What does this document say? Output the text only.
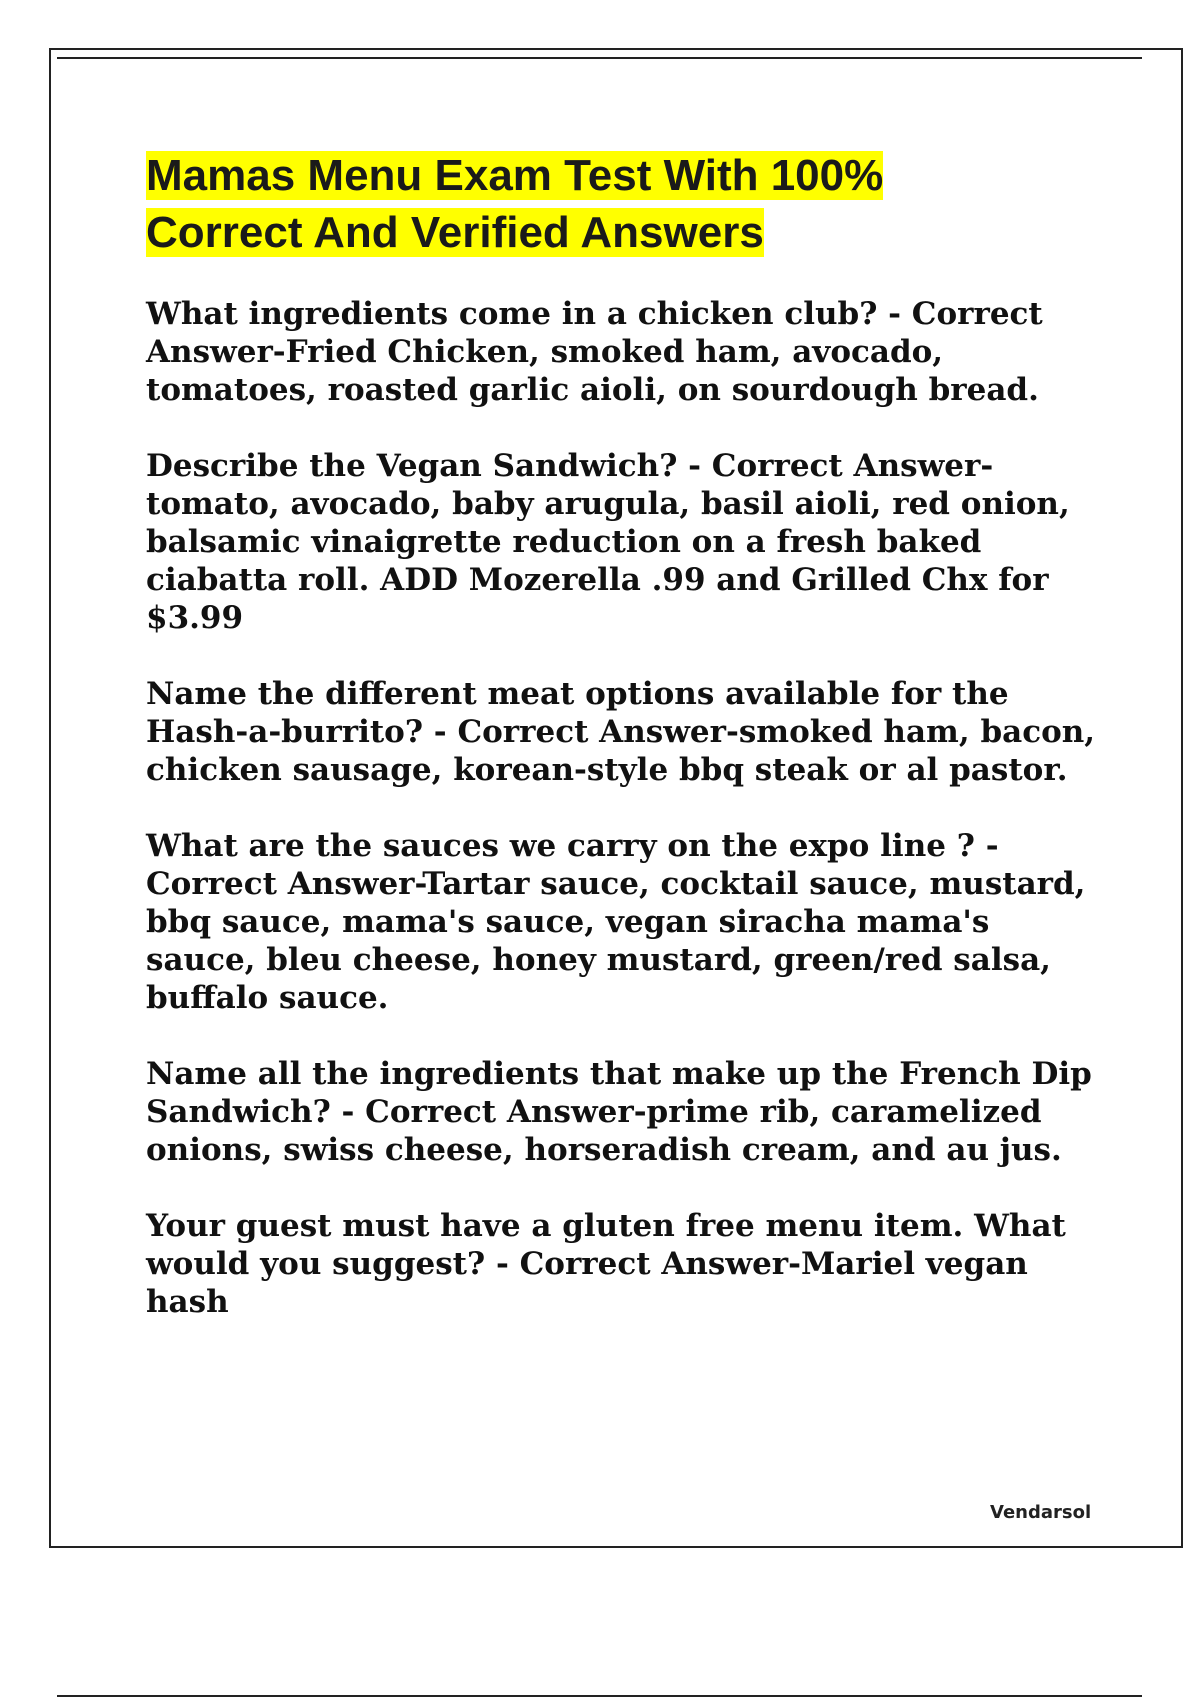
Mamas Menu Exam Test With 100% Correct And Verified Answers
What ingredients come in a chicken club? - Correct Answer-Fried Chicken, smoked ham, avocado, tomatoes, roasted garlic aioli, on sourdough bread.
Describe the Vegan Sandwich? - Correct Answer-tomato, avocado, baby arugula, basil aioli, red onion, balsamic vinaigrette reduction on a fresh baked ciabatta roll. ADD Mozerella .99 and Grilled Chx for $3.99
Name the different meat options available for the Hash-a-burrito? - Correct Answer-smoked ham, bacon, chicken sausage, korean-style bbq steak or al pastor.
What are the sauces we carry on the expo line ? - Correct Answer-Tartar sauce, cocktail sauce, mustard, bbq sauce, mama's sauce, vegan siracha mama's sauce, bleu cheese, honey mustard, green/red salsa, buffalo sauce.
Name all the ingredients that make up the French Dip Sandwich? - Correct Answer-prime rib, caramelized onions, swiss cheese, horseradish cream, and au jus.
Your guest must have a gluten free menu item. What would you suggest? - Correct Answer-Mariel vegan hash
Vendarsol
